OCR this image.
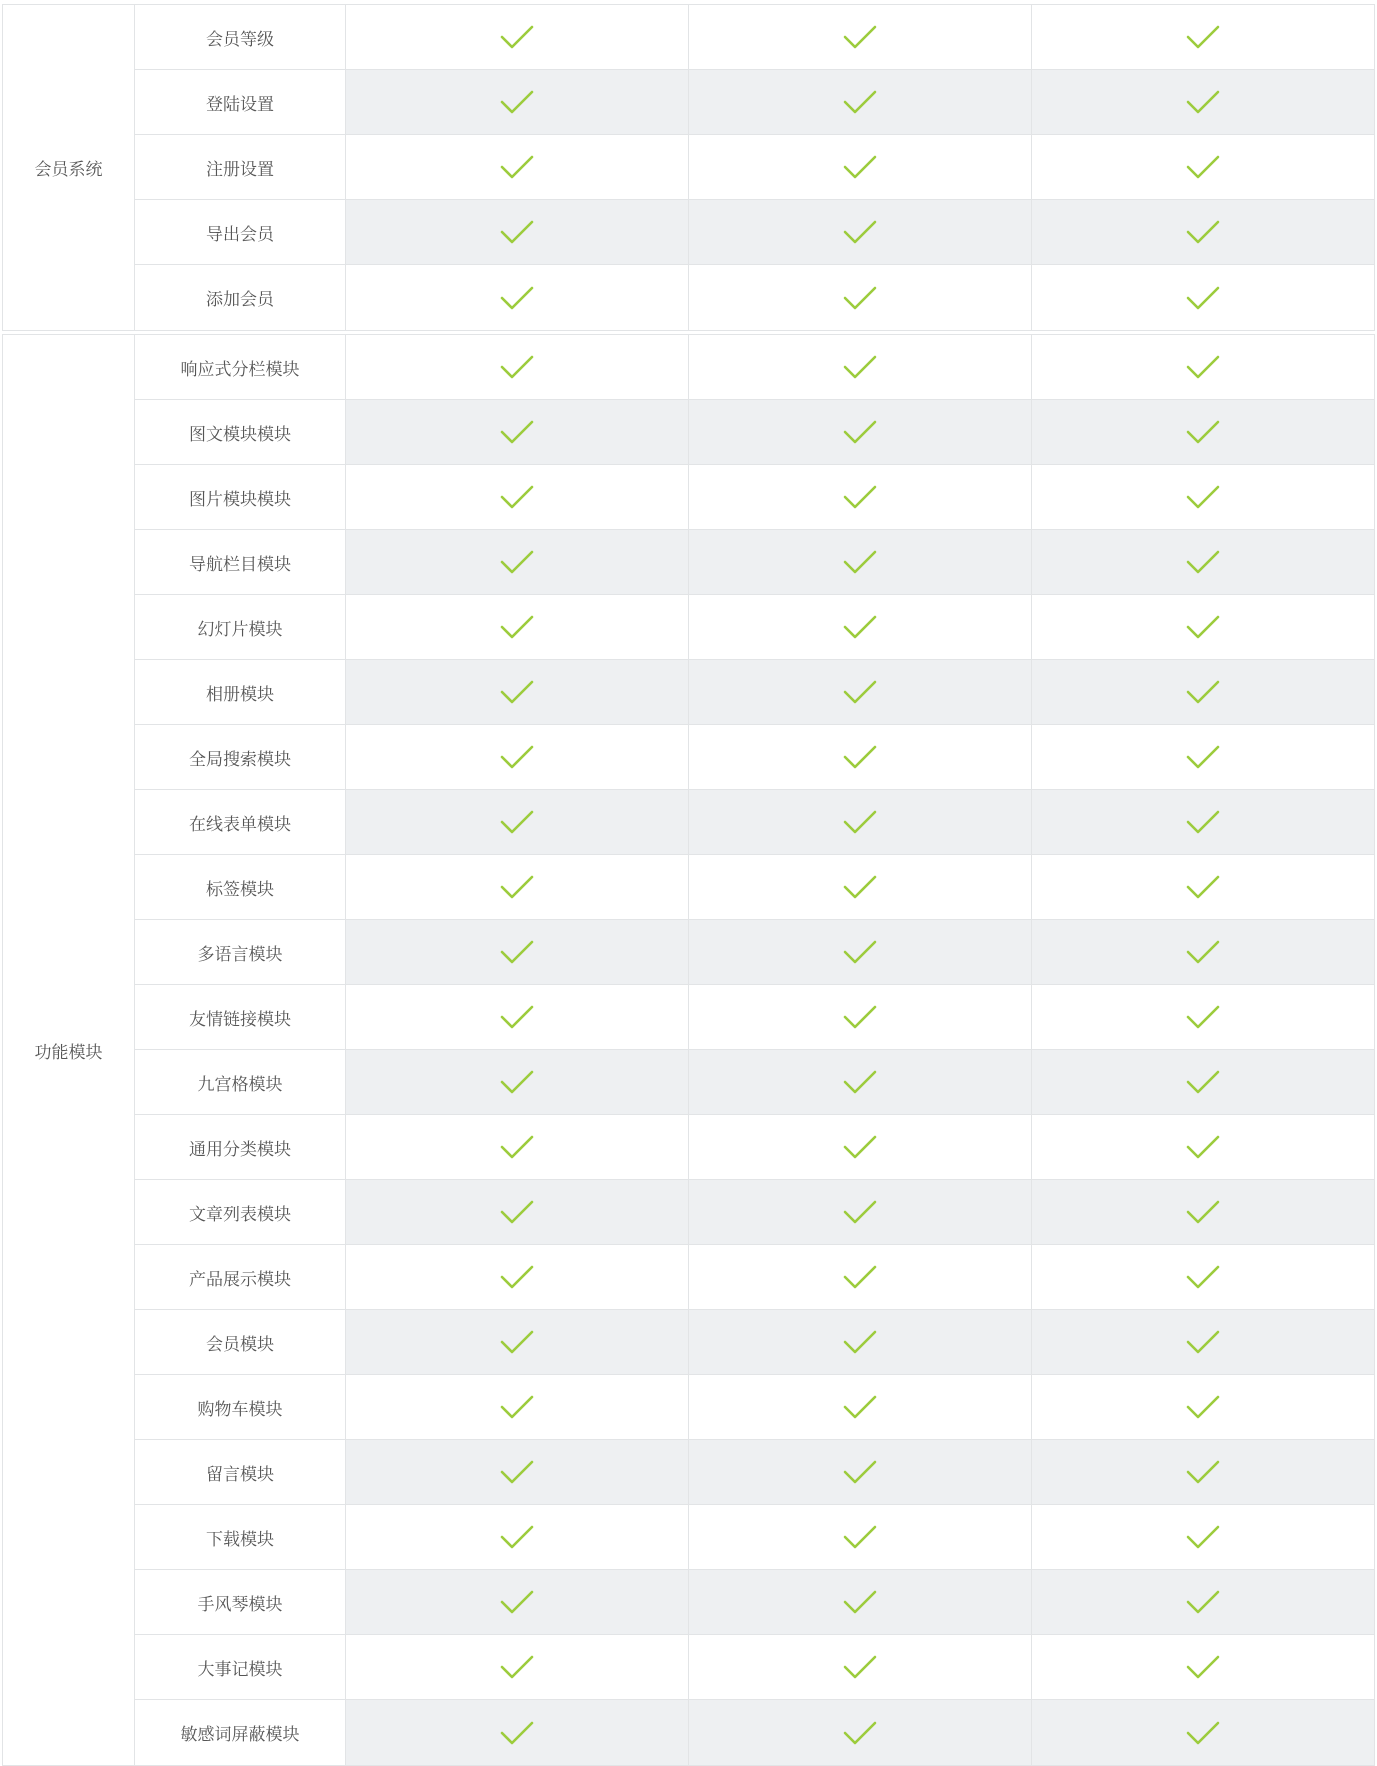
会员系统
会员等级
登陆设置
注册设置
导出会员
添加会员
功能模块
响应式分栏模块
图文模块模块
图片模块模块
导航栏目模块
幻灯片模块
相册模块
全局搜索模块
在线表单模块
标签模块
多语言模块
友情链接模块
九宫格模块
通用分类模块
文章列表模块
产品展示模块
会员模块
购物车模块
留言模块
下载模块
手风琴模块
大事记模块
敏感词屏蔽模块
